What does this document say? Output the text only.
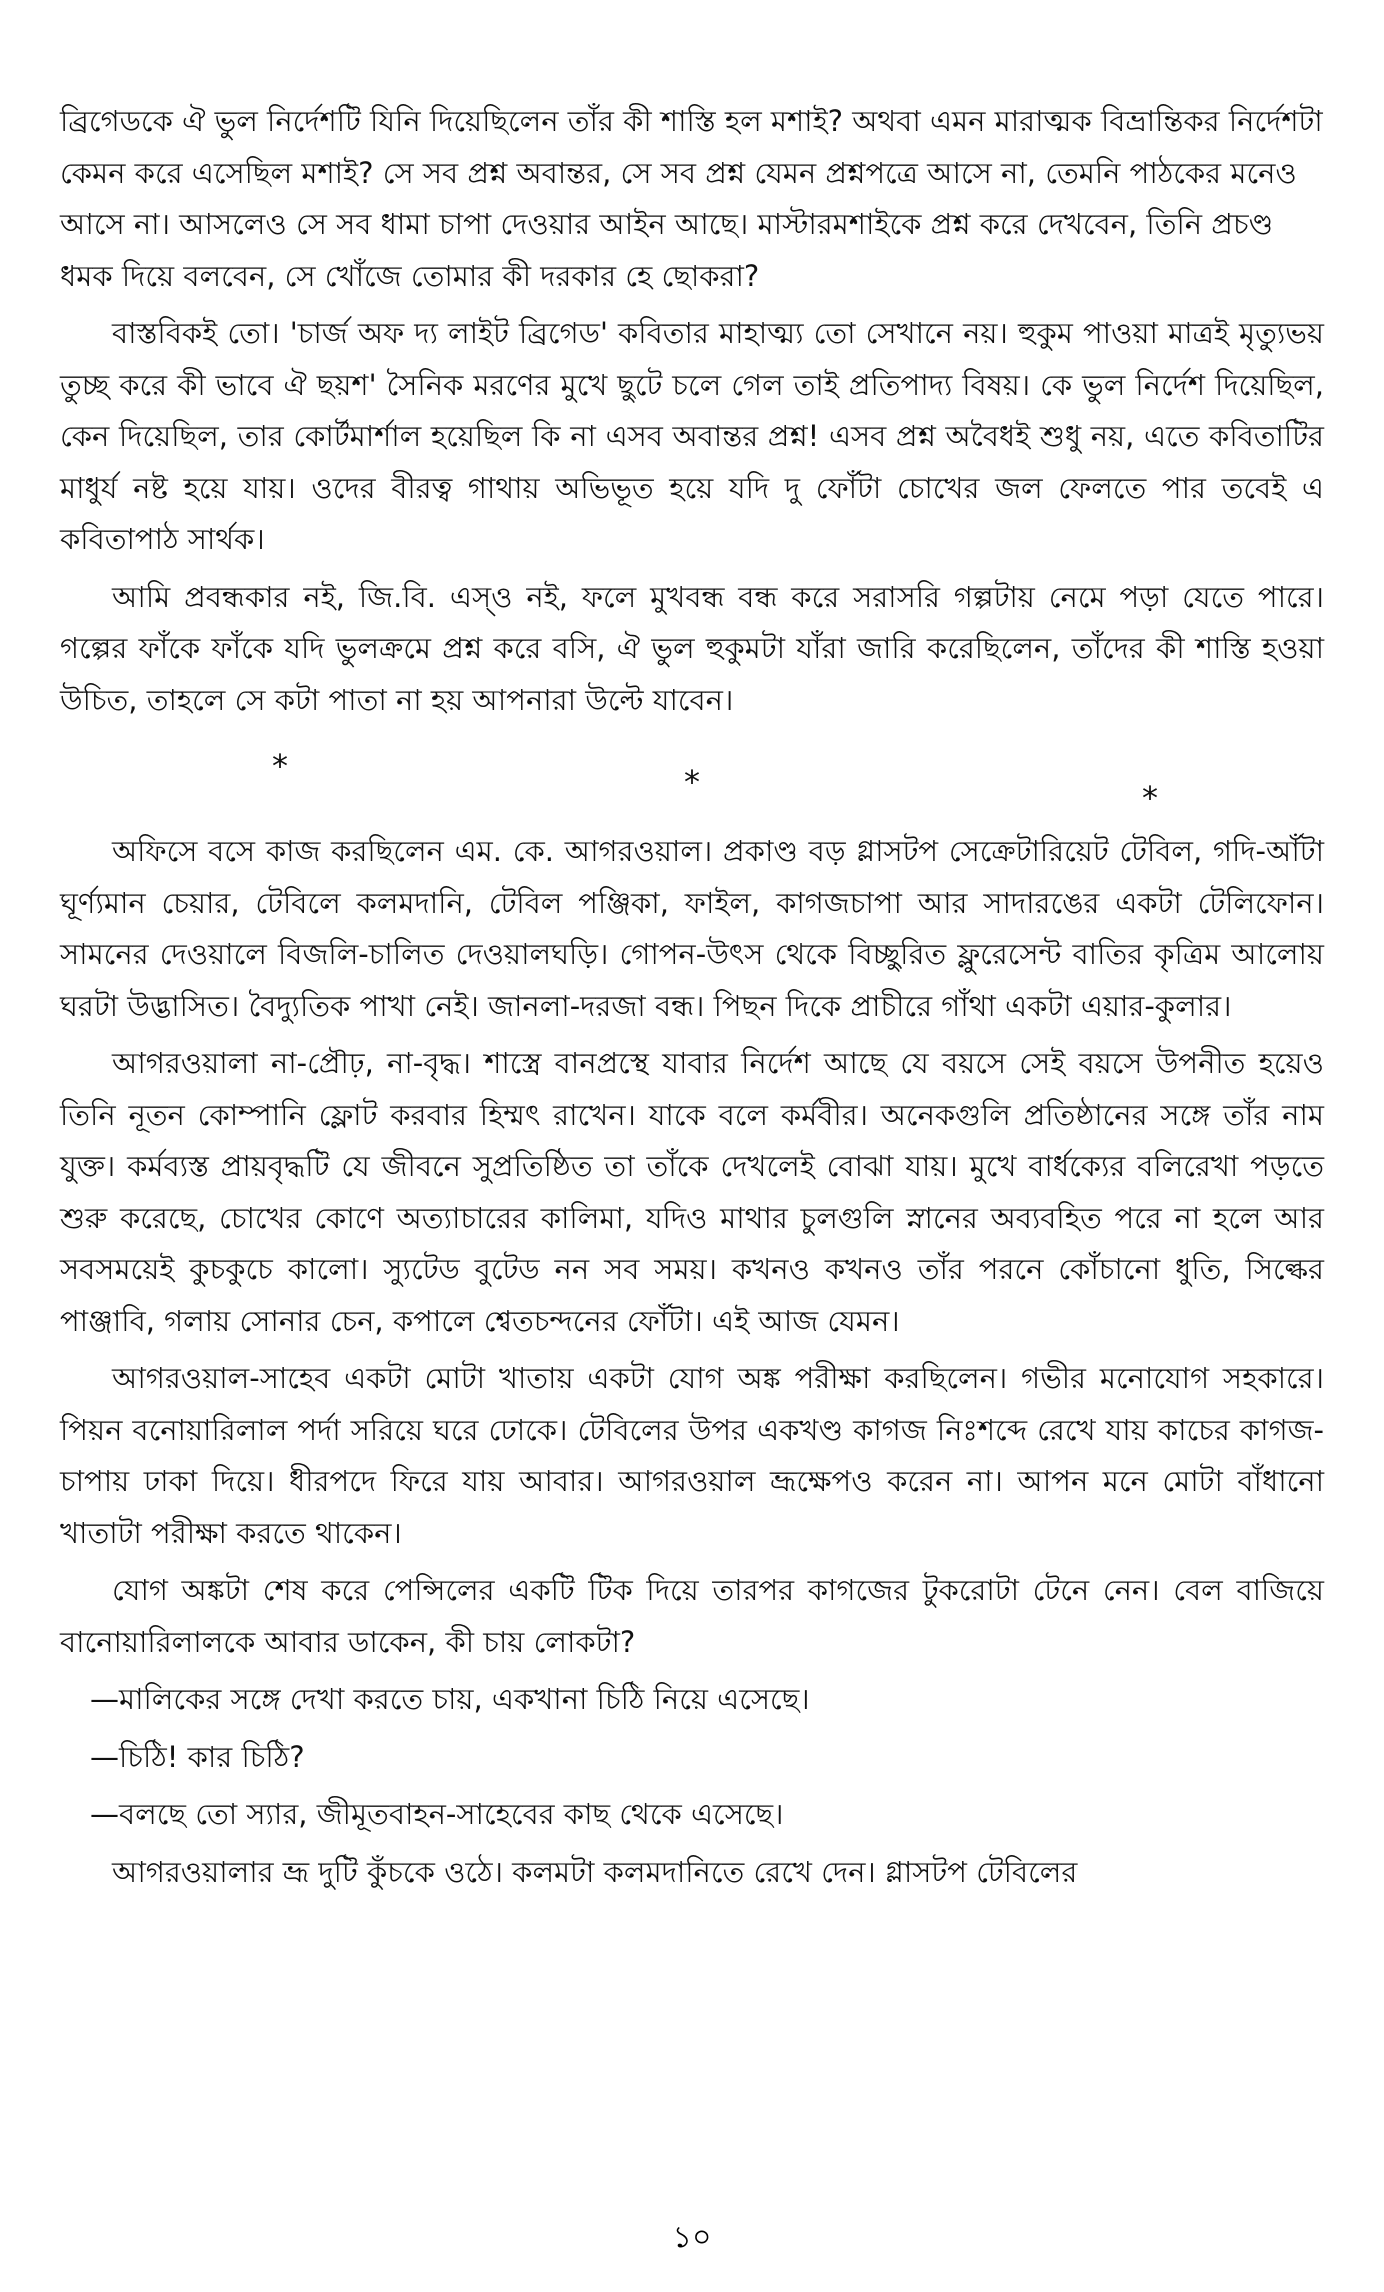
ব্রিগেডকে ঐ ভুল নির্দেশটি যিনি দিয়েছিলেন তাঁর কী শাস্তি হল মশাই? অথবা এমন মারাত্মক বিভ্রান্তিকর নির্দেশটা কেমন করে এসেছিল মশাই? সে সব প্রশ্ন অবান্তর, সে সব প্রশ্ন যেমন প্রশ্নপত্রে আসে না, তেমনি পাঠকের মনেও আসে না। আসলেও সে সব ধামা চাপা দেওয়ার আইন আছে। মাস্টারমশাইকে প্রশ্ন করে দেখবেন, তিনি প্রচণ্ড ধমক দিয়ে বলবেন, সে খোঁজে তোমার কী দরকার হে ছোকরা?

বাস্তবিকই তো। 'চার্জ অফ দ্য লাইট ব্রিগেড' কবিতার মাহাত্ম্য তো সেখানে নয়। হুকুম পাওয়া মাত্রই মৃত্যুভয় তুচ্ছ করে কী ভাবে ঐ ছয়শ' সৈনিক মরণের মুখে ছুটে চলে গেল তাই প্রতিপাদ্য বিষয়। কে ভুল নির্দেশ দিয়েছিল, কেন দিয়েছিল, তার কোর্টমার্শাল হয়েছিল কি না এসব অবান্তর প্রশ্ন! এসব প্রশ্ন অবৈধই শুধু নয়, এতে কবিতাটির মাধুর্য নষ্ট হয়ে যায়। ওদের বীরত্ব গাথায় অভিভূত হয়ে যদি দু ফোঁটা চোখের জল ফেলতে পার তবেই এ কবিতাপাঠ সার্থক।

আমি প্রবন্ধকার নই, জি.বি. এস্‌ও নই, ফলে মুখবন্ধ বন্ধ করে সরাসরি গল্পটায় নেমে পড়া যেতে পারে। গল্পের ফাঁকে ফাঁকে যদি ভুলক্রমে প্রশ্ন করে বসি, ঐ ভুল হুকুমটা যাঁরা জারি করেছিলেন, তাঁদের কী শাস্তি হওয়া উচিত, তাহলে সে কটা পাতা না হয় আপনারা উল্টে যাবেন।

*	*	*

অফিসে বসে কাজ করছিলেন এম. কে. আগরওয়াল। প্রকাণ্ড বড় গ্লাসটপ সেক্রেটারিয়েট টেবিল, গদি-আঁটা ঘূর্ণ্যমান চেয়ার, টেবিলে কলমদানি, টেবিল পঞ্জিকা, ফাইল, কাগজচাপা আর সাদারঙের একটা টেলিফোন। সামনের দেওয়ালে বিজলি-চালিত দেওয়ালঘড়ি। গোপন-উৎস থেকে বিচ্ছুরিত ফ্লুরেসেন্ট বাতির কৃত্রিম আলোয় ঘরটা উদ্ভাসিত। বৈদ্যুতিক পাখা নেই। জানলা-দরজা বন্ধ। পিছন দিকে প্রাচীরে গাঁথা একটা এয়ার-কুলার।

আগরওয়ালা না-প্রৌঢ়, না-বৃদ্ধ। শাস্ত্রে বানপ্রস্থে যাবার নির্দেশ আছে যে বয়সে সেই বয়সে উপনীত হয়েও তিনি নূতন কোম্পানি ফ্লোট করবার হিম্মৎ রাখেন। যাকে বলে কর্মবীর। অনেকগুলি প্রতিষ্ঠানের সঙ্গে তাঁর নাম যুক্ত। কর্মব্যস্ত প্রায়বৃদ্ধটি যে জীবনে সুপ্রতিষ্ঠিত তা তাঁকে দেখলেই বোঝা যায়। মুখে বার্ধক্যের বলিরেখা পড়তে শুরু করেছে, চোখের কোণে অত্যাচারের কালিমা, যদিও মাথার চুলগুলি স্নানের অব্যবহিত পরে না হলে আর সবসময়েই কুচকুচে কালো। স্যুটেড বুটেড নন সব সময়। কখনও কখনও তাঁর পরনে কোঁচানো ধুতি, সিল্কের পাঞ্জাবি, গলায় সোনার চেন, কপালে শ্বেতচন্দনের ফোঁটা। এই আজ যেমন।

আগরওয়াল-সাহেব একটা মোটা খাতায় একটা যোগ অঙ্ক পরীক্ষা করছিলেন। গভীর মনোযোগ সহকারে। পিয়ন বনোয়ারিলাল পর্দা সরিয়ে ঘরে ঢোকে। টেবিলের উপর একখণ্ড কাগজ নিঃশব্দে রেখে যায় কাচের কাগজ-চাপায় ঢাকা দিয়ে। ধীরপদে ফিরে যায় আবার। আগরওয়াল ভ্রূক্ষেপও করেন না। আপন মনে মোটা বাঁধানো খাতাটা পরীক্ষা করতে থাকেন।

যোগ অঙ্কটা শেষ করে পেন্সিলের একটি টিক দিয়ে তারপর কাগজের টুকরোটা টেনে নেন। বেল বাজিয়ে বানোয়ারিলালকে আবার ডাকেন, কী চায় লোকটা?

—মালিকের সঙ্গে দেখা করতে চায়, একখানা চিঠি নিয়ে এসেছে।

—চিঠি! কার চিঠি?

—বলছে তো স্যার, জীমূতবাহন-সাহেবের কাছ থেকে এসেছে।

আগরওয়ালার ভ্রূ দুটি কুঁচকে ওঠে। কলমটা কলমদানিতে রেখে দেন। গ্লাসটপ টেবিলের

১০
